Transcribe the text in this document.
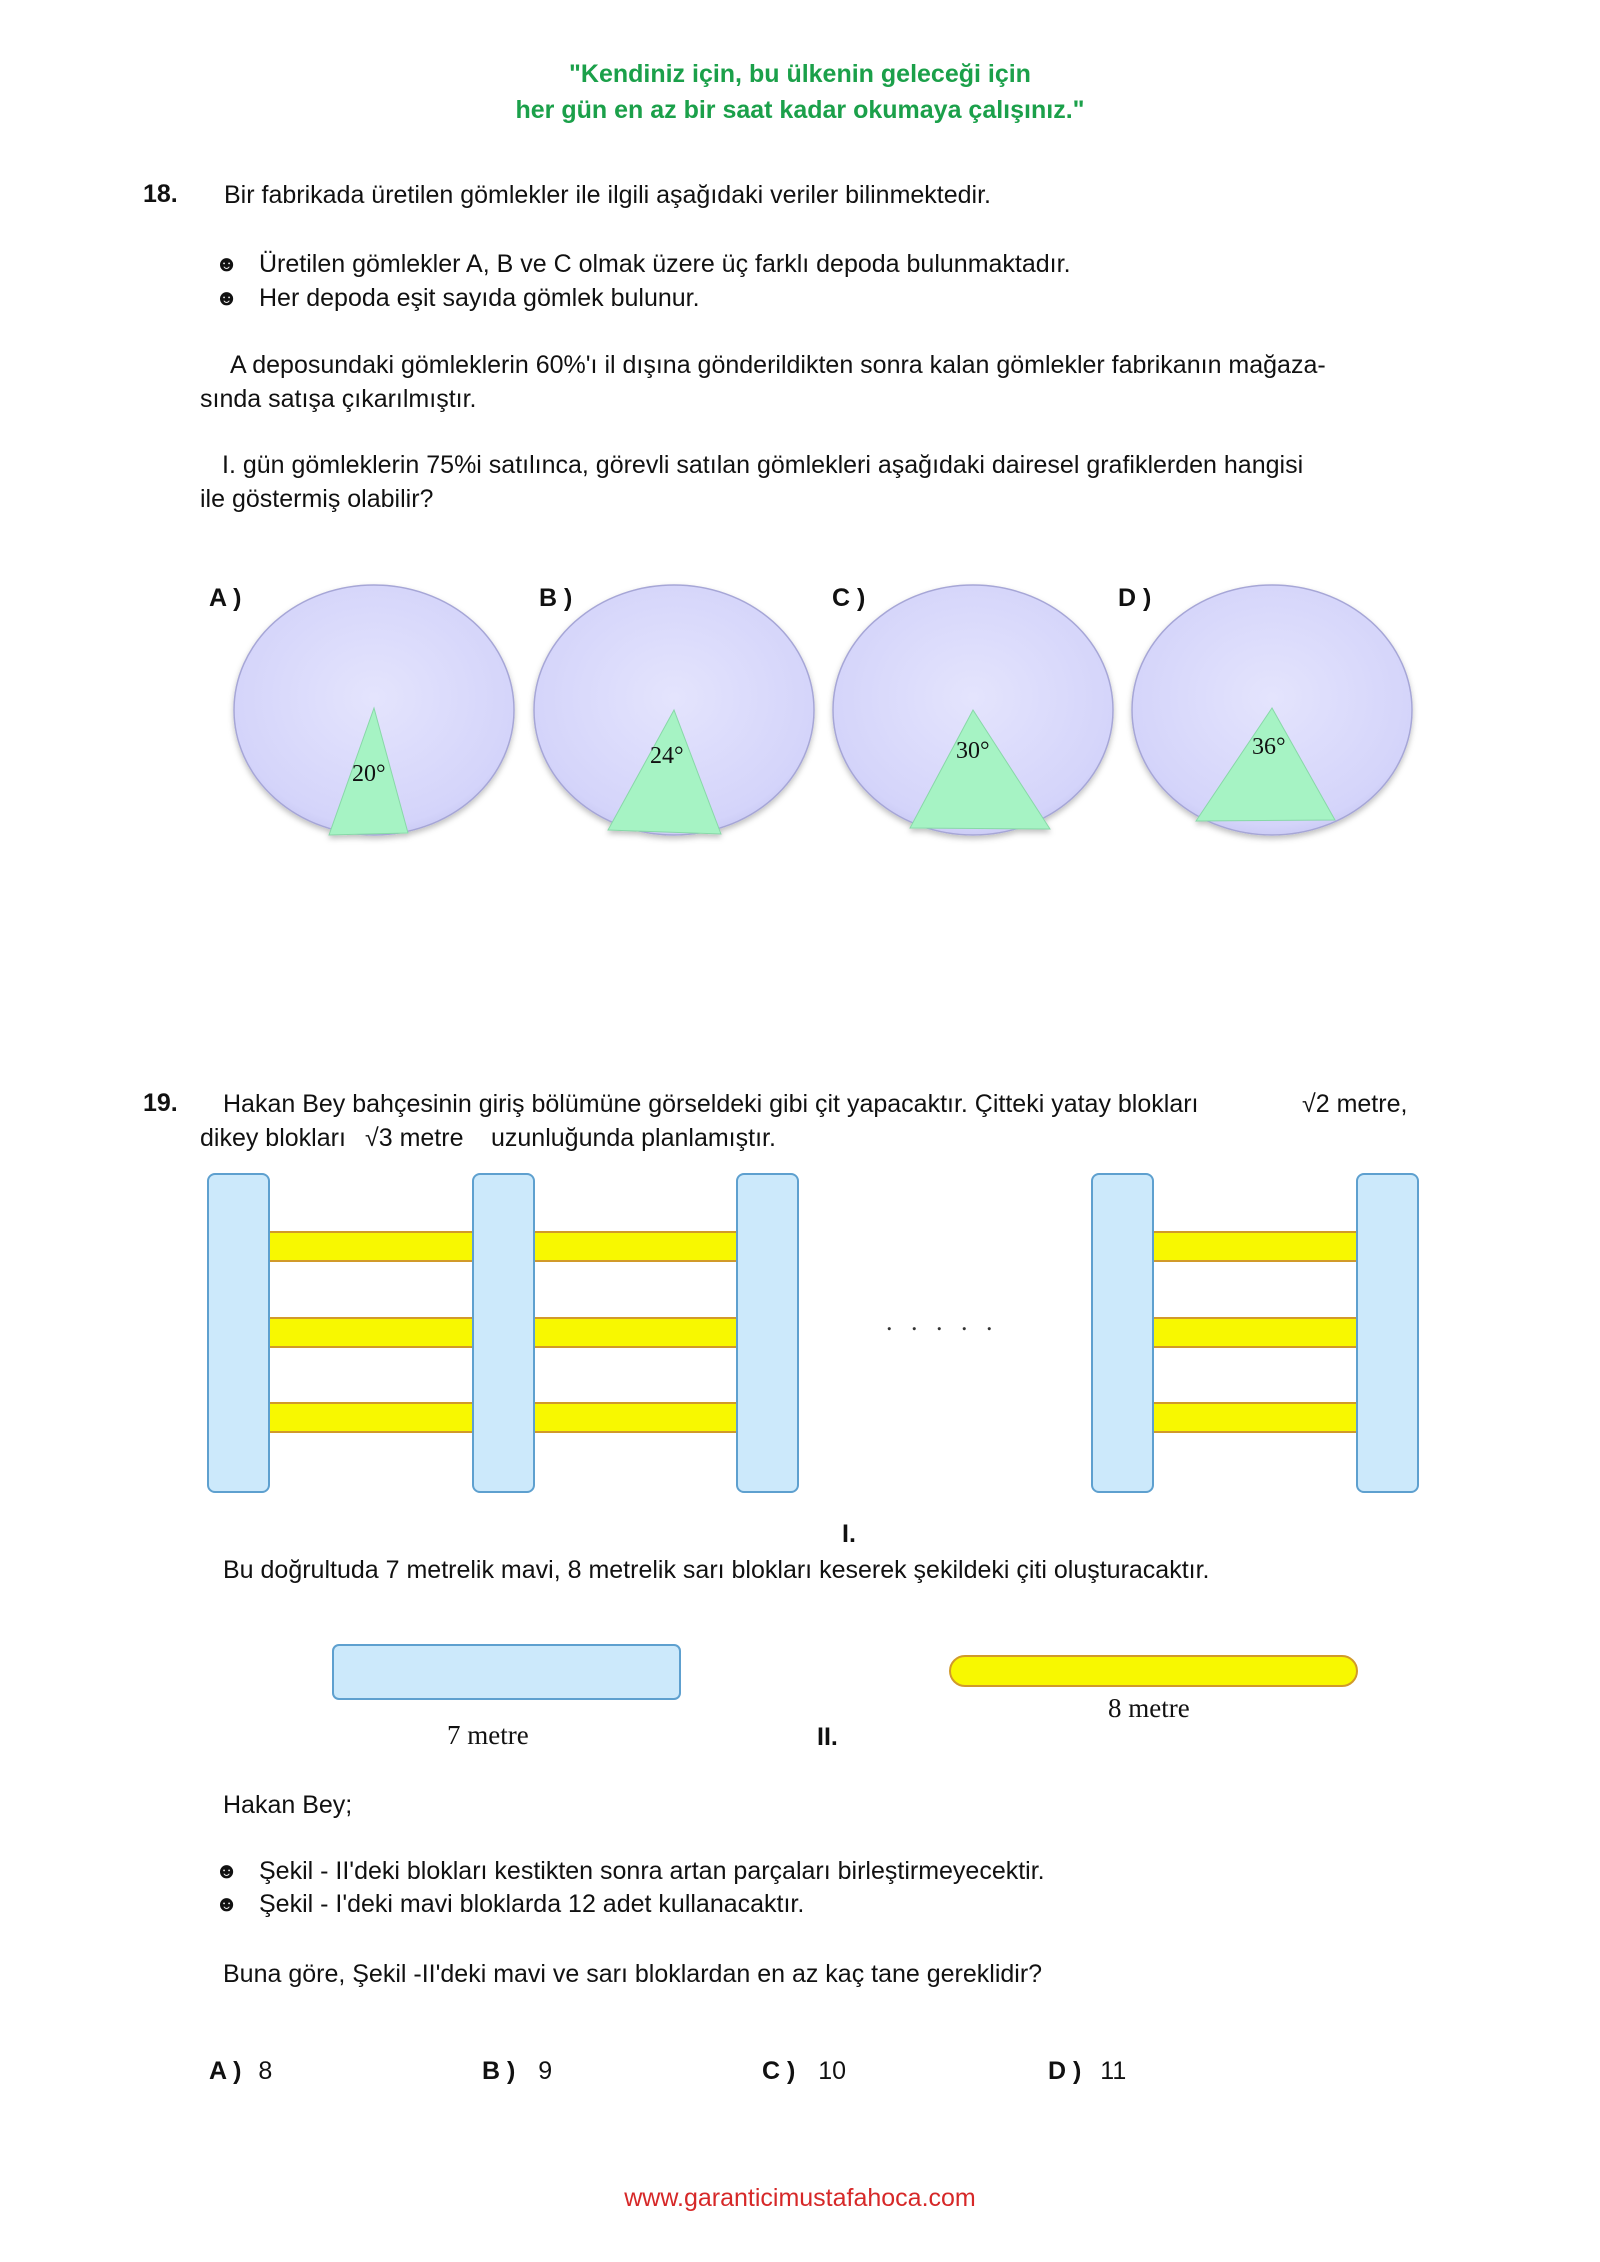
"Kendiniz için, bu ülkenin geleceği için
her gün en az bir saat kadar okumaya çalışınız."
18. Bir fabrikada üretilen gömlekler ile ilgili aşağıdaki veriler bilinmektedir.
☻ Üretilen gömlekler A, B ve C olmak üzere üç farklı depoda bulunmaktadır.
☻ Her depoda eşit sayıda gömlek bulunur.
A deposundaki gömleklerin 60%'ı il dışına gönderildikten sonra kalan gömlekler fabrikanın mağaza-
sında satışa çıkarılmıştır.
I. gün gömleklerin 75%i satılınca, görevli satılan gömlekleri aşağıdaki dairesel grafiklerden hangisi
ile göstermiş olabilir?
A )	B )	C )	D )
20°
24°	30°	36°
19. Hakan Bey bahçesinin giriş bölümüne görseldeki gibi çit yapacaktır. Çitteki yatay blokları	√2 metre,
dikey blokları √3 metre uzunluğunda planlamıştır.
. . . . .
I.
Bu doğrultuda 7 metrelik mavi, 8 metrelik sarı blokları keserek şekildeki çiti oluşturacaktır.
7 metre
8 metre
II.
Hakan Bey;
☻ Şekil - II'deki blokları kestikten sonra artan parçaları birleştirmeyecektir.
☻ Şekil - I'deki mavi bloklarda 12 adet kullanacaktır.
Buna göre, Şekil -II'deki mavi ve sarı bloklardan en az kaç tane gereklidir?
A ) 8	B ) 9	C ) 10	D ) 11
www.garanticimustafahoca.com
